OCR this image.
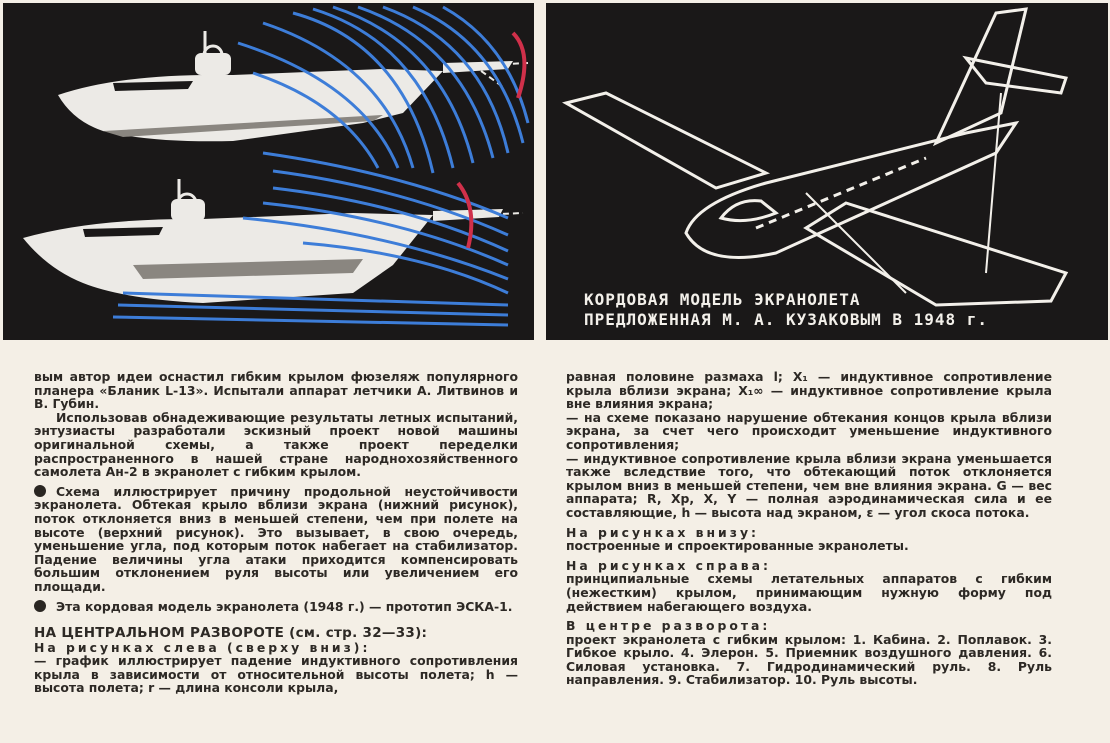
КОРДОВАЯ МОДЕЛЬ ЭКРАНОЛЕТА
ПРЕДЛОЖЕННАЯ М. А. КУЗАКОВЫМ В 1948 г.

вым автор идеи оснастил гибким крылом фюзеляж популярного планера «Бланик L-13». Испытали аппарат летчики А. Литвинов и В. Губин.

Использовав обнадеживающие результаты летных испытаний, энтузиасты разработали эскизный проект новой машины оригинальной схемы, а также проект переделки распространенного в нашей стране народнохозяйственного самолета Ан-2 в экранолет с гибким крылом.

Схема иллюстрирует причину продольной неустойчивости экранолета. Обтекая крыло вблизи экрана (нижний рисунок), поток отклоняется вниз в меньшей степени, чем при полете на высоте (верхний рисунок). Это вызывает, в свою очередь, уменьшение угла, под которым поток набегает на стабилизатор. Падение величины угла атаки приходится компенсировать большим отклонением руля высоты или увеличением его площади.

Эта кордовая модель экранолета (1948 г.) — прототип ЭСКА-1.

НА ЦЕНТРАЛЬНОМ РАЗВОРОТЕ (см. стр. 32—33):

На рисунках слева (сверху вниз):

— график иллюстрирует падение индуктивного сопротивления крыла в зависимости от относительной высоты полета; h — высота полета; r — длина консоли крыла,

равная половине размаха l; X₁ — индуктивное сопротивление крыла вблизи экрана; X₁∞ — индуктивное сопротивление крыла вне влияния экрана;

— на схеме показано нарушение обтекания концов крыла вблизи экрана, за счет чего происходит уменьшение индуктивного сопротивления;

— индуктивное сопротивление крыла вблизи экрана уменьшается также вследствие того, что обтекающий поток отклоняется крылом вниз в меньшей степени, чем вне влияния экрана. G — вес аппарата; R, Xp, X, Y — полная аэродинамическая сила и ее составляющие, h — высота над экраном, ε — угол скоса потока.

На рисунках внизу:

построенные и спроектированные экранолеты.

На рисунках справа:

принципиальные схемы летательных аппаратов с гибким (нежестким) крылом, принимающим нужную форму под действием набегающего воздуха.

В центре разворота:

проект экранолета с гибким крылом: 1. Кабина. 2. Поплавок. 3. Гибкое крыло. 4. Элерон. 5. Приемник воздушного давления. 6. Силовая установка. 7. Гидродинамический руль. 8. Руль направления. 9. Стабилизатор. 10. Руль высоты.
